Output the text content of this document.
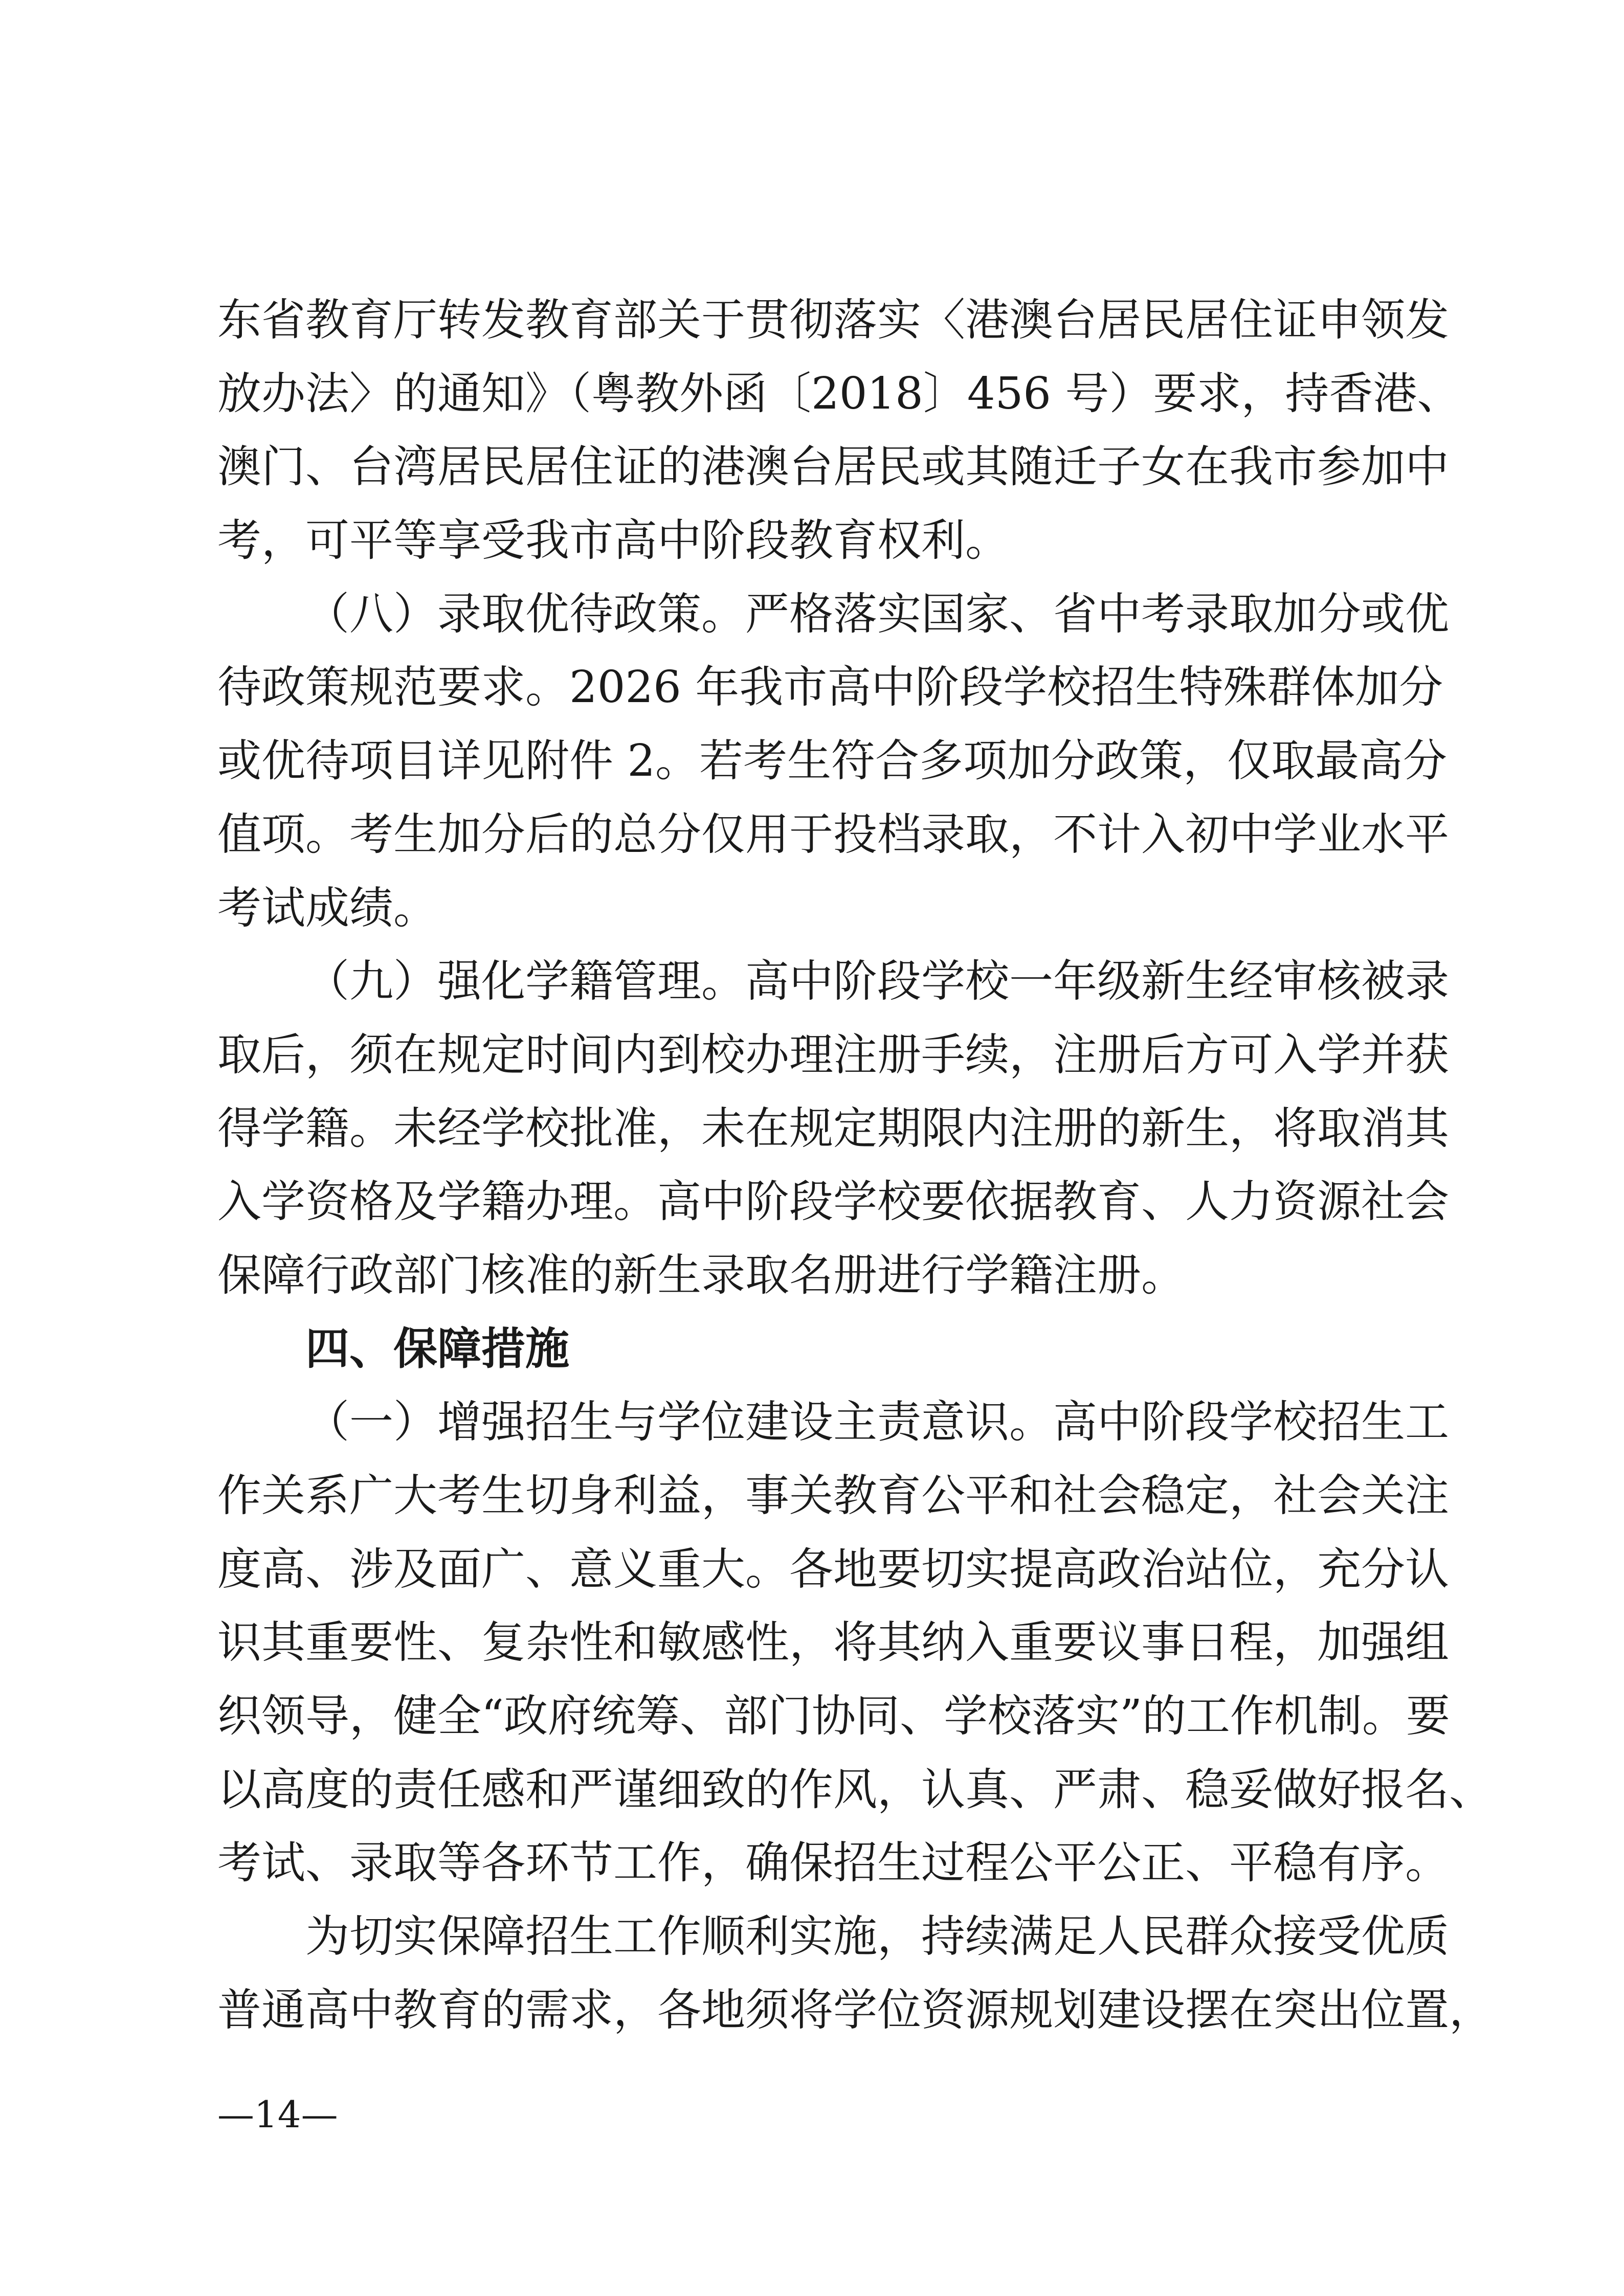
东省教育厅转发教育部关于贯彻落实〈港澳台居民居住证申领发
放办法〉的通知》（粤教外函〔2018〕456 号）要求，持香港、
澳门、台湾居民居住证的港澳台居民或其随迁子女在我市参加中
考，可平等享受我市高中阶段教育权利。
（八）录取优待政策。严格落实国家、省中考录取加分或优
待政策规范要求。2026 年我市高中阶段学校招生特殊群体加分
或优待项目详见附件 2。若考生符合多项加分政策，仅取最高分
值项。考生加分后的总分仅用于投档录取，不计入初中学业水平
考试成绩。
（九）强化学籍管理。高中阶段学校一年级新生经审核被录
取后，须在规定时间内到校办理注册手续，注册后方可入学并获
得学籍。未经学校批准，未在规定期限内注册的新生，将取消其
入学资格及学籍办理。高中阶段学校要依据教育、人力资源社会
保障行政部门核准的新生录取名册进行学籍注册。
四、保障措施
（一）增强招生与学位建设主责意识。高中阶段学校招生工
作关系广大考生切身利益，事关教育公平和社会稳定，社会关注
度高、涉及面广、意义重大。各地要切实提高政治站位，充分认
识其重要性、复杂性和敏感性，将其纳入重要议事日程，加强组
织领导，健全“政府统筹、部门协同、学校落实”的工作机制。要
以高度的责任感和严谨细致的作风，认真、严肃、稳妥做好报名、
考试、录取等各环节工作，确保招生过程公平公正、平稳有序。
为切实保障招生工作顺利实施，持续满足人民群众接受优质
普通高中教育的需求，各地须将学位资源规划建设摆在突出位置，
—14—
